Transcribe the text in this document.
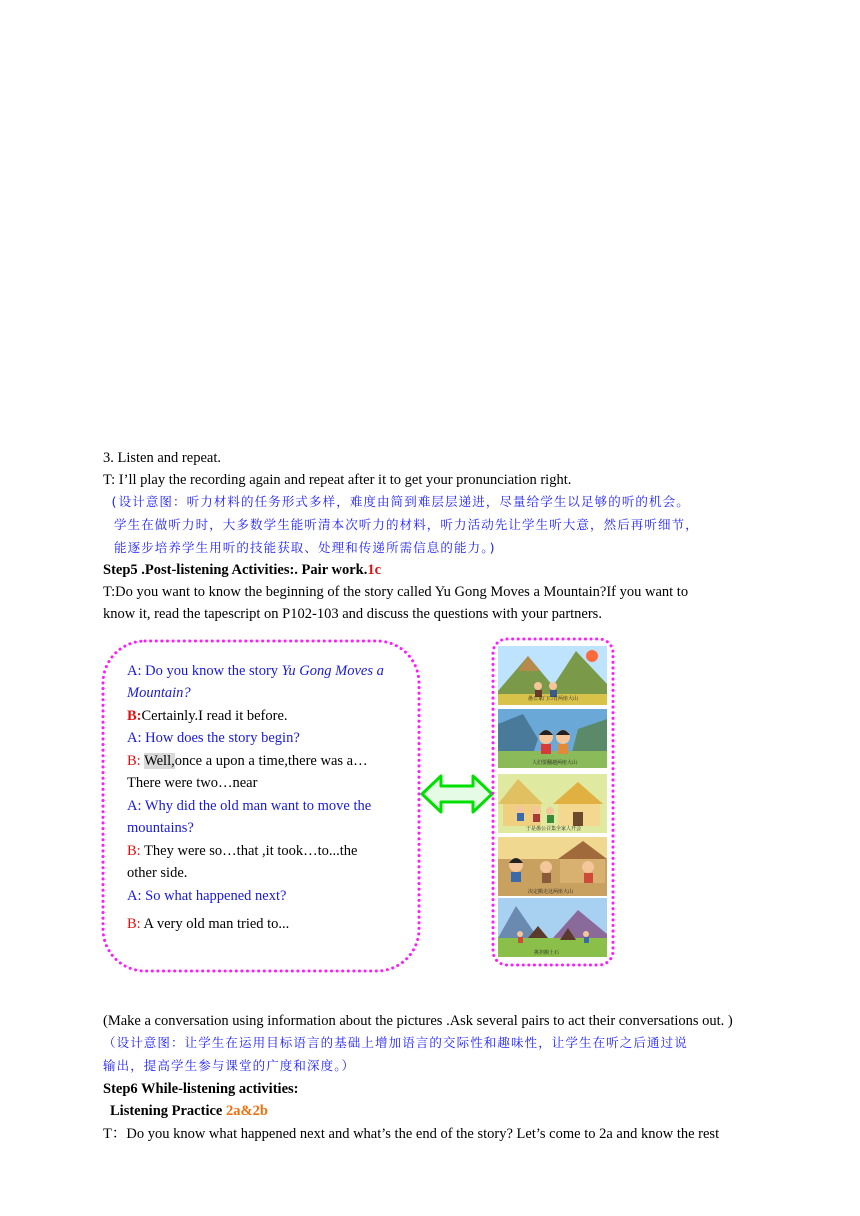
3. Listen and repeat.
T: I’ll play the recording again and repeat after it to get your pronunciation right.
(设计意图：听力材料的任务形式多样，难度由简到难层层递进，尽量给学生以足够的听的机会。
学生在做听力时，大多数学生能听清本次听力的材料，听力活动先让学生听大意，然后再听细节，
能逐步培养学生用听的技能获取、处理和传递所需信息的能力。)
Step5 .Post-listening Activities:. Pair work.1c
T:Do you want to know the beginning of the story called Yu Gong Moves a Mountain?If you want to
know it, read the tapescript on P102-103 and discuss the questions with your partners.
A: Do you know the story Yu Gong Moves a
Mountain?
B:Certainly.I read it before.
A: How does the story begin?
B: Well,once a upon a time,there was a…
There were two…near
A: Why did the old man want to move the
mountains?
B: They were so…that ,it took…to...the
other side.
A: So what happened next?
B: A very old man tried to...
愚公家门口有两座大山
人们要翻越两座大山
于是愚公召集全家人开会
决定搬走这两座大山
挑担搬土石
(Make a conversation using information about the pictures .Ask several pairs to act their conversations out. )
（设计意图：让学生在运用目标语言的基础上增加语言的交际性和趣味性，让学生在听之后通过说
输出，提高学生参与课堂的广度和深度。）
Step6 While-listening activities:
Listening Practice 2a&2b
T：Do you know what happened next and what’s the end of the story? Let’s come to 2a and know the rest
